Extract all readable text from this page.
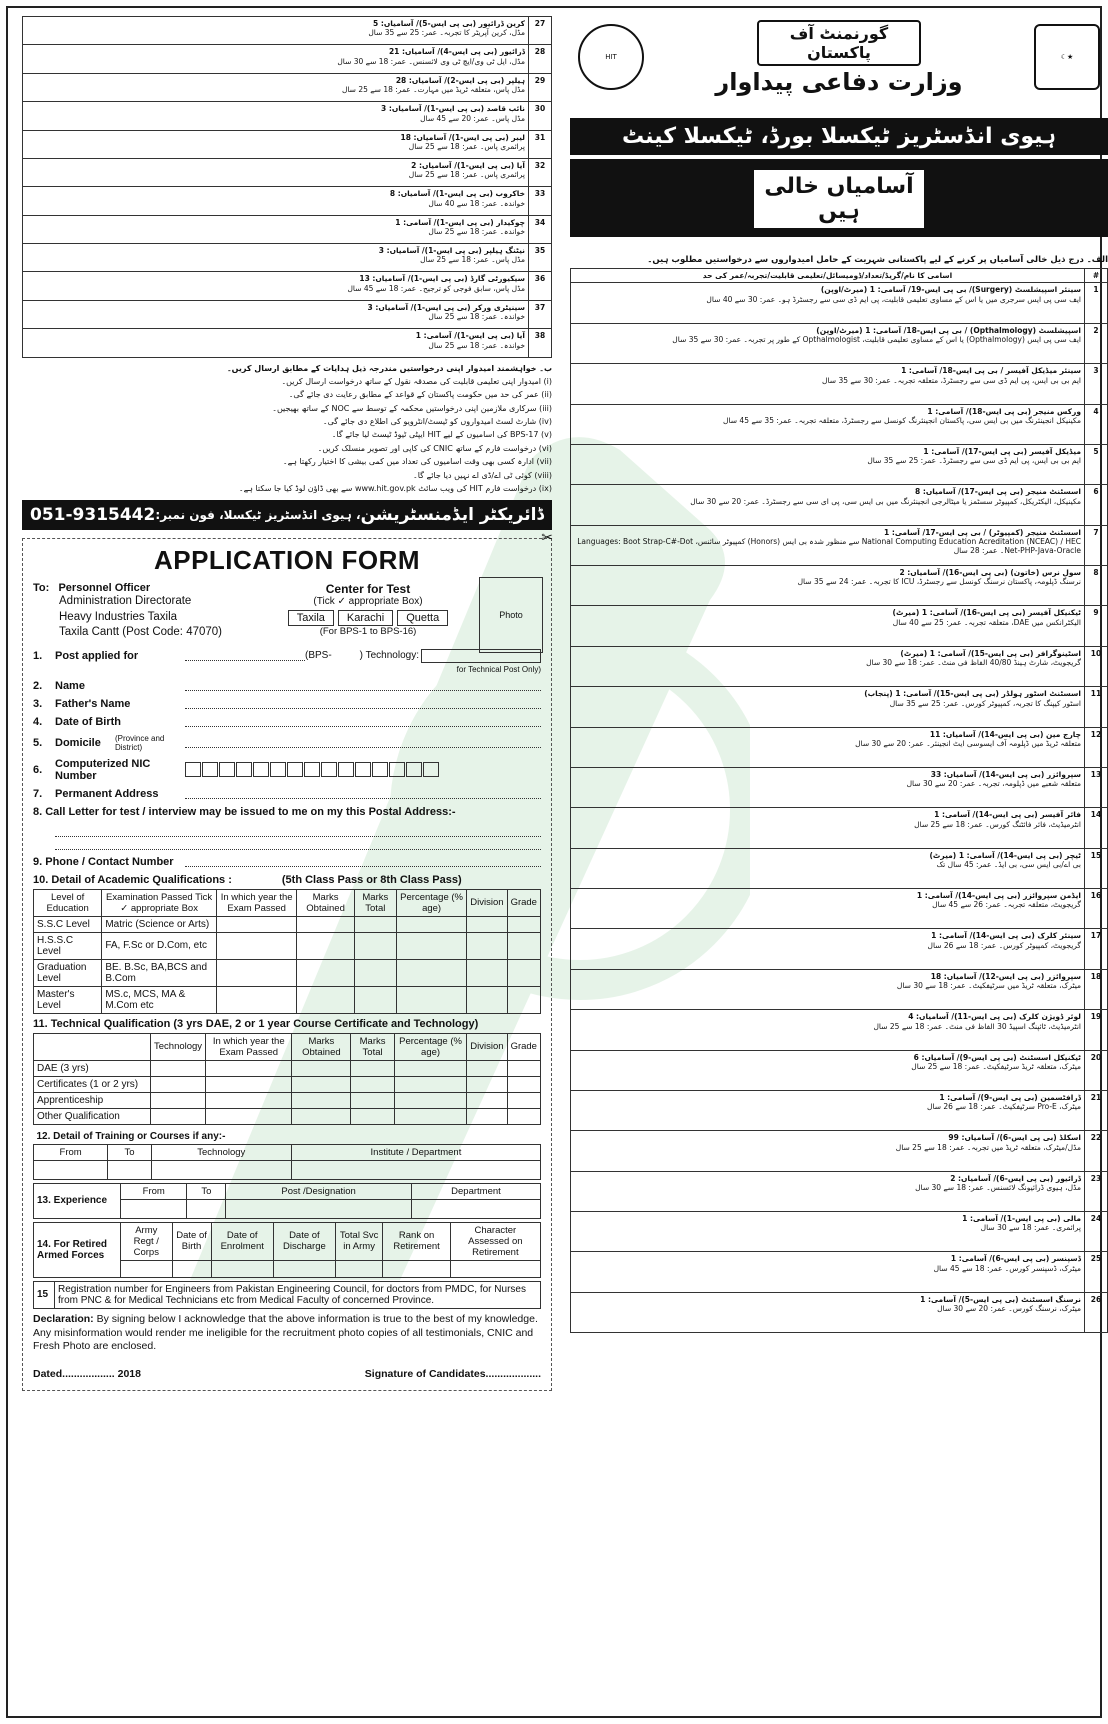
27	کرین ڈرائیور (بی پی ایس-5)/ آسامیاں: 5
مڈل، کرین آپریٹر کا تجربہ۔ عمر: 25 سے 35 سال

28	ڈرائیور (بی پی ایس-4)/ آسامیاں: 21
مڈل، ایل ٹی وی/ایچ ٹی وی لائسنس۔ عمر: 18 سے 30 سال

29	ہیلپر (بی پی ایس-2)/ آسامیاں: 28
مڈل پاس، متعلقہ ٹریڈ میں مہارت۔ عمر: 18 سے 25 سال

30	نائب قاصد (بی پی ایس-1)/ آسامیاں: 3
مڈل پاس۔ عمر: 20 سے 45 سال

31	لیبر (بی پی ایس-1)/ آسامیاں: 18
پرائمری پاس۔ عمر: 18 سے 25 سال

32	آیا (بی پی ایس-1)/ آسامیاں: 2
پرائمری پاس۔ عمر: 18 سے 25 سال

33	خاکروب (بی پی ایس-1)/ آسامیاں: 8
خواندہ۔ عمر: 18 سے 40 سال

34	چوکیدار (بی پی ایس-1)/ آسامی: 1
خواندہ۔ عمر: 18 سے 25 سال

35	نیٹنگ ہیلپر (بی پی ایس-1)/ آسامیاں: 3
مڈل پاس۔ عمر: 18 سے 25 سال

36	سیکیورٹی گارڈ (بی پی ایس-1)/ آسامیاں: 13
مڈل پاس، سابق فوجی کو ترجیح۔ عمر: 18 سے 45 سال

37	سینیٹری ورکر (بی پی ایس-1)/ آسامیاں: 3
خواندہ۔ عمر: 18 سے 25 سال

38	آیا (بی پی ایس-1)/ آسامی: 1
خواندہ۔ عمر: 18 سے 25 سال

ب۔ خواہشمند امیدوار اپنی درخواستیں مندرجہ ذیل ہدایات کے مطابق ارسال کریں۔

(i) امیدوار اپنی تعلیمی قابلیت کی مصدقہ نقول کے ساتھ درخواست ارسال کریں۔

(ii) عمر کی حد میں حکومت پاکستان کے قواعد کے مطابق رعایت دی جائے گی۔

(iii) سرکاری ملازمین اپنی درخواستیں محکمہ کے توسط سے NOC کے ساتھ بھیجیں۔

(iv) شارٹ لسٹ امیدواروں کو ٹیسٹ/انٹرویو کی اطلاع دی جائے گی۔

(v) BPS-17 کی اسامیوں کے لیے HIT ایپٹی ٹیوڈ ٹیسٹ لیا جائے گا۔

(vi) درخواست فارم کے ساتھ CNIC کی کاپی اور تصویر منسلک کریں۔

(vii) ادارہ کسی بھی وقت اسامیوں کی تعداد میں کمی بیشی کا اختیار رکھتا ہے۔

(viii) کوئی ٹی اے/ڈی اے نہیں دیا جائے گا۔

(ix) درخواست فارم HIT کی ویب سائٹ www.hit.gov.pk سے بھی ڈاؤن لوڈ کیا جا سکتا ہے۔

051-9315442 ، ہیوی انڈسٹریز ٹیکسلا، فون نمبر: ڈائریکٹر ایڈمنسٹریشن
✂
APPLICATION FORM
To: Personnel Officer
Administration Directorate
Heavy Industries Taxila
Taxila Cantt (Post Code: 47070)
Center for Test
(Tick ✓ appropriate Box)
Taxila Karachi Quetta
(For BPS-1 to BPS-16)
Photo
1.	Post applied for	(BPS-	) Technology:
for Technical Post Only)
2.	Name
3.	Father's Name
4.	Date of Birth
5.	Domicile	(Province and District)
6.	Computerized NIC Number
7.	Permanent Address
8. Call Letter for test / interview may be issued to me on my this Postal Address:-
9. Phone / Contact Number
10. Detail of Academic Qualifications :	(5th Class Pass or 8th Class Pass)
Level of Education	Examination Passed Tick ✓ appropriate Box	In which year the Exam Passed	Marks Obtained	Marks Total	Percentage (% age)	Division	Grade
S.S.C Level	Matric (Science or Arts)						
H.S.S.C Level	FA, F.Sc or D.Com, etc						
Graduation Level	BE. B.Sc, BA,BCS and B.Com						
Master's Level	MS.c, MCS, MA & M.Com etc						
11. Technical Qualification (3 yrs DAE, 2 or 1 year Course Certificate and Technology)
	Technology	In which year the Exam Passed	Marks Obtained	Marks Total	Percentage (% age)	Division	Grade
DAE (3 yrs)							
Certificates (1 or 2 yrs)							
Apprenticeship							
Other Qualification							
12. Detail of Training or Courses if any:-			
From	To	Technology	Institute / Department

13. Experience	From	To	Post /Designation	Department

14. For Retired Armed Forces	Army Regt / Corps	Date of Birth	Date of Enrolment	Date of Discharge	Total Svc in Army	Rank on Retirement	Character Assessed on Retirement

15	Registration number for Engineers from Pakistan Engineering Council, for doctors from PMDC, for Nurses from PNC & for Medical Technicians etc from Medical Faculty of concerned Province.
Declaration: By signing below I acknowledge that the above information is true to the best of my knowledge. Any misinformation would render me ineligible for the recruitment photo copies of all testimonials, CNIC and Fresh Photo are enclosed.
Dated.................. 2018	Signature of Candidates...................
HIT	☾★
گورنمنٹ آف پاکستان
وزارت دفاعی پیداوار
ہیوی انڈسٹریز ٹیکسلا بورڈ، ٹیکسلا کینٹ
آسامیاں خالی ہیں
الف۔ درج ذیل خالی آسامیاں پر کرنے کے لیے پاکستانی شہریت کے حامل امیدواروں سے درخواستیں مطلوب ہیں۔
#	اسامی کا نام/گریڈ/تعداد/ڈومیسائل/تعلیمی قابلیت/تجربہ/عمر کی حد
1	سینئر اسپیشلسٹ (Surgery)/ بی پی ایس-19/ آسامی: 1 (میرٹ/اوپن)
ایف سی پی ایس سرجری میں یا اس کے مساوی تعلیمی قابلیت، پی ایم ڈی سی سے رجسٹرڈ ہو۔ عمر: 30 سے 40 سال

2	اسپیشلسٹ (Opthalmology) / بی پی ایس-18/ آسامی: 1 (میرٹ/اوپن)
ایف سی پی ایس (Opthalmology) یا اس کے مساوی تعلیمی قابلیت، Opthalmologist کے طور پر تجربہ۔ عمر: 30 سے 35 سال

3	سینئر میڈیکل آفیسر / بی پی ایس-18/ آسامی: 1
ایم بی بی ایس، پی ایم ڈی سی سے رجسٹرڈ، متعلقہ تجربہ۔ عمر: 30 سے 35 سال

4	ورکس منیجر (بی پی ایس-18)/ آسامی: 1
مکینیکل انجینئرنگ میں بی ایس سی، پاکستان انجینئرنگ کونسل سے رجسٹرڈ، متعلقہ تجربہ۔ عمر: 35 سے 45 سال

5	میڈیکل آفیسر (بی پی ایس-17)/ آسامی: 1
ایم بی بی ایس، پی ایم ڈی سی سے رجسٹرڈ۔ عمر: 25 سے 35 سال

6	اسسٹنٹ منیجر (بی پی ایس-17)/ آسامیاں: 8
مکینیکل، الیکٹریکل، کمپیوٹر سسٹمز یا میٹالرجی انجینئرنگ میں بی ایس سی، پی ای سی سے رجسٹرڈ۔ عمر: 20 سے 30 سال

7	اسسٹنٹ منیجر (کمپیوٹر) / بی پی ایس-17/ آسامی: 1
National Computing Education Acreditation (NCEAC) / HEC سے منظور شدہ بی ایس (Honors) کمپیوٹر سائنس، Languages: Boot Strap-C#-Dot Net-PHP-Java-Oracle۔ عمر: 28 سال

8	سول نرس (خاتون) (بی پی ایس-16)/ آسامیاں: 2
نرسنگ ڈپلومہ، پاکستان نرسنگ کونسل سے رجسٹرڈ، ICU کا تجربہ۔ عمر: 24 سے 35 سال

9	ٹیکنیکل آفیسر (بی پی ایس-16)/ آسامی: 1 (میرٹ)
الیکٹرانکس میں DAE، متعلقہ تجربہ۔ عمر: 25 سے 40 سال

10	اسٹینوگرافر (بی پی ایس-15)/ آسامی: 1 (میرٹ)
گریجویٹ، شارٹ ہینڈ 40/80 الفاظ فی منٹ۔ عمر: 18 سے 30 سال

11	اسسٹنٹ اسٹور ہولڈر (بی پی ایس-15)/ آسامی: 1 (پنجاب)
اسٹور کیپنگ کا تجربہ، کمپیوٹر کورس۔ عمر: 25 سے 35 سال

12	چارج مین (بی پی ایس-14)/ آسامیاں: 11
متعلقہ ٹریڈ میں ڈپلومہ آف ایسوسی ایٹ انجینئر۔ عمر: 20 سے 30 سال

13	سپروائزر (بی پی ایس-14)/ آسامیاں: 33
متعلقہ شعبے میں ڈپلومہ، تجربہ۔ عمر: 20 سے 30 سال

14	فائر آفیسر (بی پی ایس-14)/ آسامی: 1
انٹرمیڈیٹ، فائر فائٹنگ کورس۔ عمر: 18 سے 25 سال

15	ٹیچر (بی پی ایس-14)/ آسامی: 1 (میرٹ)
بی اے/بی ایس سی، بی ایڈ۔ عمر: 45 سال تک

16	ایڈمن سپروائزر (بی پی ایس-14)/ آسامی: 1
گریجویٹ، متعلقہ تجربہ۔ عمر: 26 سے 45 سال

17	سینئر کلرک (بی پی ایس-14)/ آسامی: 1
گریجویٹ، کمپیوٹر کورس۔ عمر: 18 سے 26 سال

18	سپروائزر (بی پی ایس-12)/ آسامیاں: 18
میٹرک، متعلقہ ٹریڈ میں سرٹیفکیٹ۔ عمر: 18 سے 30 سال

19	لوئر ڈویژن کلرک (بی پی ایس-11)/ آسامیاں: 4
انٹرمیڈیٹ، ٹائپنگ اسپیڈ 30 الفاظ فی منٹ۔ عمر: 18 سے 25 سال

20	ٹیکنیکل اسسٹنٹ (بی پی ایس-9)/ آسامیاں: 6
میٹرک، متعلقہ ٹریڈ سرٹیفکیٹ۔ عمر: 18 سے 25 سال

21	ڈرافٹسمین (بی پی ایس-9)/ آسامی: 1
میٹرک، Pro-E سرٹیفکیٹ۔ عمر: 18 سے 26 سال

22	اسکلڈ (بی پی ایس-6)/ آسامیاں: 99
مڈل/میٹرک، متعلقہ ٹریڈ میں تجربہ۔ عمر: 18 سے 25 سال

23	ڈرائیور (بی پی ایس-6)/ آسامیاں: 2
مڈل، ہیوی ڈرائیونگ لائسنس۔ عمر: 18 سے 30 سال

24	مالی (بی پی ایس-1)/ آسامی: 1
پرائمری۔ عمر: 18 سے 30 سال

25	ڈسپنسر (بی پی ایس-6)/ آسامی: 1
میٹرک، ڈسپنسر کورس۔ عمر: 18 سے 45 سال

26	نرسنگ اسسٹنٹ (بی پی ایس-5)/ آسامی: 1
میٹرک، نرسنگ کورس۔ عمر: 20 سے 30 سال
